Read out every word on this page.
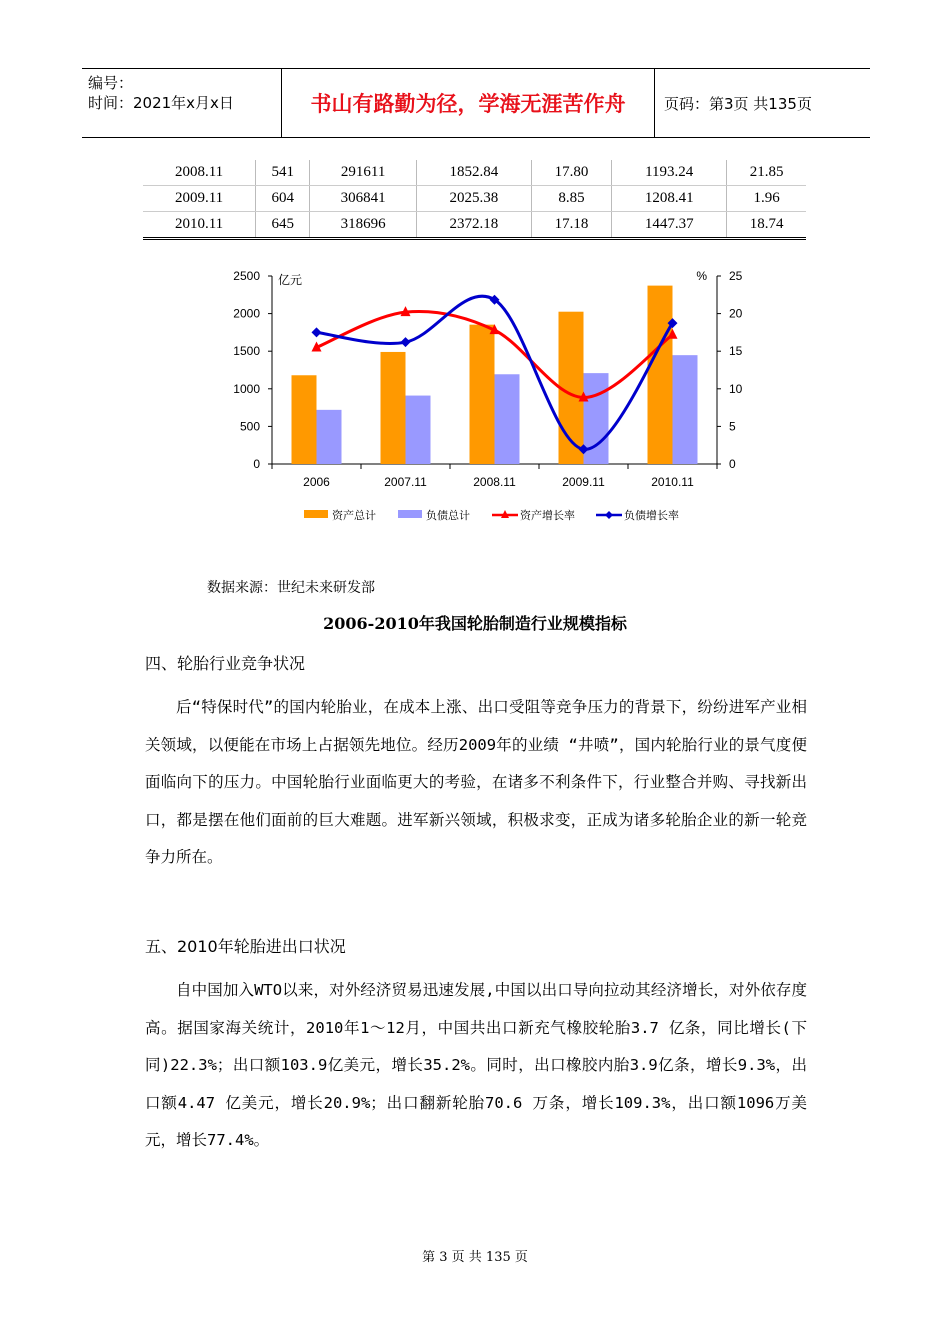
编号：
时间：2021年x月x日	书山有路勤为径，学海无涯苦作舟	页码：第3页 共135页
2008.11	541	291611	1852.84	17.80	1193.24	21.85
2009.11	604	306841	2025.38	8.85	1208.41	1.96
2010.11	645	318696	2372.18	17.18	1447.37	18.74
0
500
1000
1500
2000
2500
0
5
10
15
20
25
亿元	%
2006	2007.11	2008.11	2009.11	2010.11
资产总计	负债总计	资产增长率	负债增长率
数据来源：世纪未来研发部
2006-2010年我国轮胎制造行业规模指标
四、轮胎行业竞争状况
后“特保时代”的国内轮胎业，在成本上涨、出口受阻等竞争压力的背景下，纷纷进军产业相关领域，以便能在市场上占据领先地位。经历2009年的业绩 “井喷”，国内轮胎行业的景气度便面临向下的压力。中国轮胎行业面临更大的考验，在诸多不利条件下，行业整合并购、寻找新出口，都是摆在他们面前的巨大难题。进军新兴领域，积极求变，正成为诸多轮胎企业的新一轮竞争力所在。
五、2010年轮胎进出口状况
自中国加入WTO以来，对外经济贸易迅速发展,中国以出口导向拉动其经济增长，对外依存度高。据国家海关统计，2010年1～12月，中国共出口新充气橡胶轮胎3.7 亿条，同比增长(下同)22.3%；出口额103.9亿美元，增长35.2%。同时，出口橡胶内胎3.9亿条，增长9.3%，出口额4.47 亿美元，增长20.9%；出口翻新轮胎70.6 万条，增长109.3%，出口额1096万美元，增长77.4%。
第 3 页 共 135 页
